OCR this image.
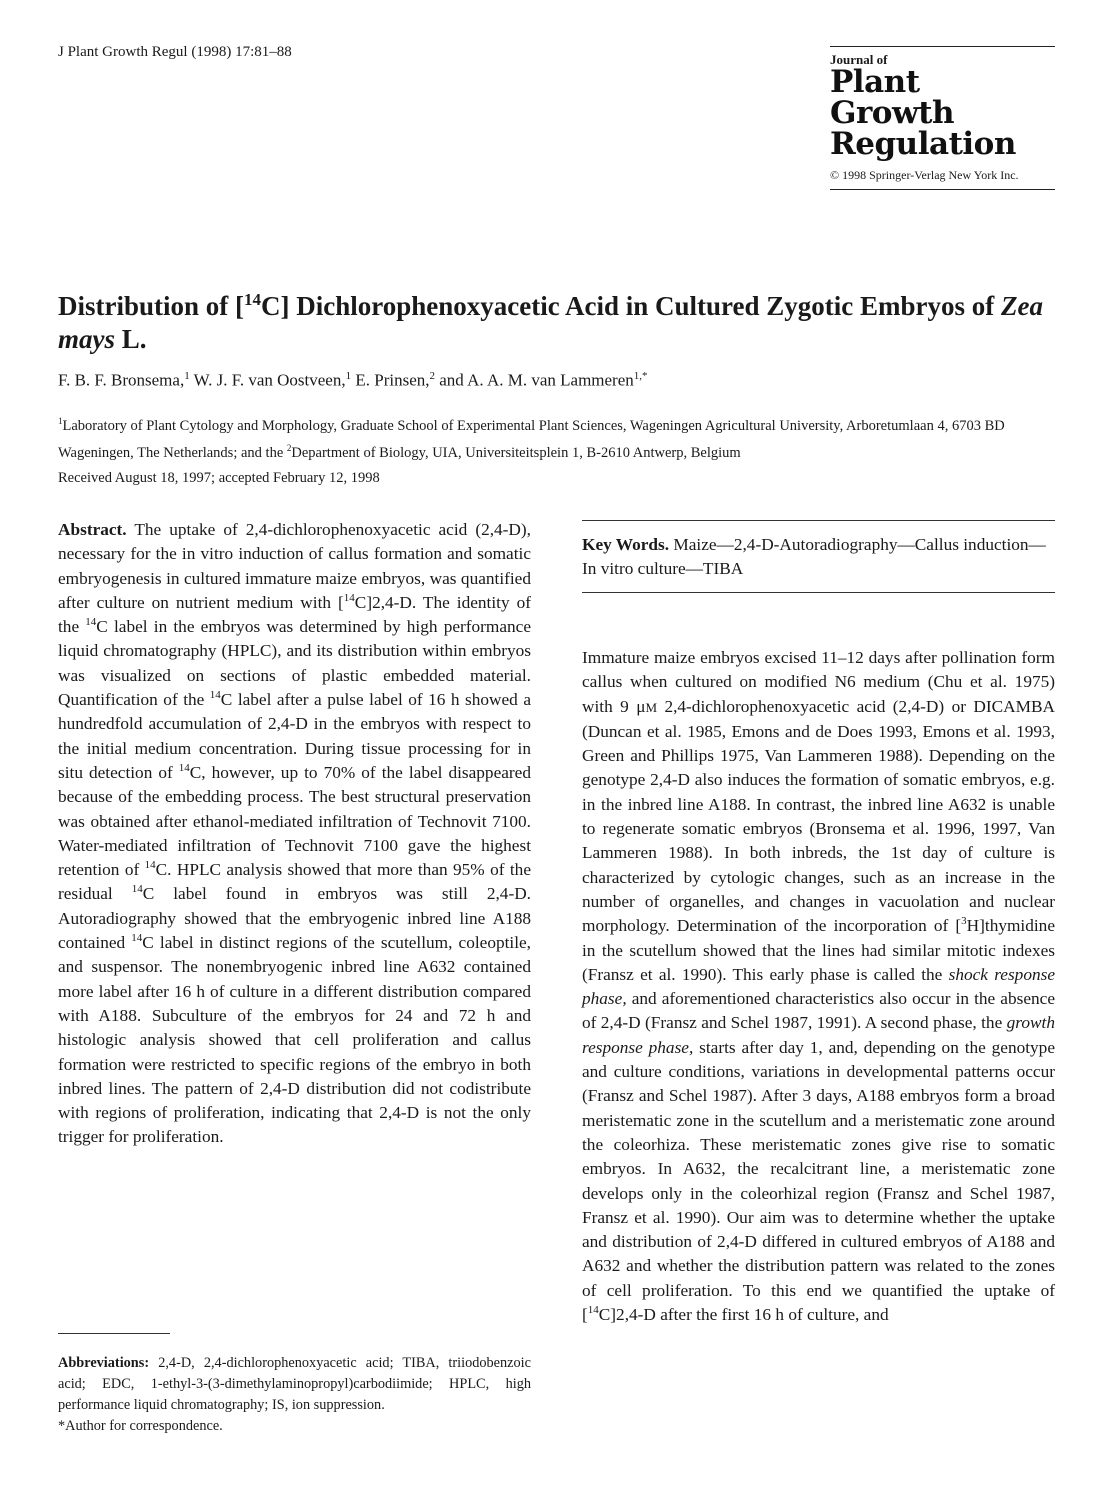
J Plant Growth Regul (1998) 17:81–88	Journal of
Plant
Growth
Regulation
© 1998 Springer-Verlag New York Inc.
Distribution of [$^{14}$C] Dichlorophenoxyacetic Acid in Cultured Zygotic Embryos of Zea mays L.
F. B. F. Bronsema,$^1$ W. J. F. van Oostveen,$^1$ E. Prinsen,$^2$ and A. A. M. van Lammeren$^{1,*}$
$^1$Laboratory of Plant Cytology and Morphology, Graduate School of Experimental Plant Sciences, Wageningen Agricultural University, Arboretumlaan 4, 6703 BD Wageningen, The Netherlands; and the $^2$Department of Biology, UIA, Universiteitsplein 1, B-2610 Antwerp, Belgium
Received August 18, 1997; accepted February 12, 1998
Abstract. The uptake of 2,4-dichlorophenoxyacetic acid (2,4-D), necessary for the in vitro induction of callus formation and somatic embryogenesis in cultured immature maize embryos, was quantified after culture on nutrient medium with [$^{14}$C]2,4-D. The identity of the $^{14}$C label in the embryos was determined by high performance liquid chromatography (HPLC), and its distribution within embryos was visualized on sections of plastic embedded material. Quantification of the $^{14}$C label after a pulse label of 16 h showed a hundredfold accumulation of 2,4-D in the embryos with respect to the initial medium concentration. During tissue processing for in situ detection of $^{14}$C, however, up to 70% of the label disappeared because of the embedding process. The best structural preservation was obtained after ethanol-mediated infiltration of Technovit 7100. Water-mediated infiltration of Technovit 7100 gave the highest retention of $^{14}$C. HPLC analysis showed that more than 95% of the residual $^{14}$C label found in embryos was still 2,4-D. Autoradiography showed that the embryogenic inbred line A188 contained $^{14}$C label in distinct regions of the scutellum, coleoptile, and suspensor. The nonembryogenic inbred line A632 contained more label after 16 h of culture in a different distribution compared with A188. Subculture of the embryos for 24 and 72 h and histologic analysis showed that cell proliferation and callus formation were restricted to specific regions of the embryo in both inbred lines. The pattern of 2,4-D distribution did not codistribute with regions of proliferation, indicating that 2,4-D is not the only trigger for proliferation.
Key Words. Maize—2,4-D-Autoradiography—Callus induction—In vitro culture—TIBA
Immature maize embryos excised 11–12 days after pollination form callus when cultured on modified N6 medium (Chu et al. 1975) with 9 μM 2,4-dichlorophenoxyacetic acid (2,4-D) or DICAMBA (Duncan et al. 1985, Emons and de Does 1993, Emons et al. 1993, Green and Phillips 1975, Van Lammeren 1988). Depending on the genotype 2,4-D also induces the formation of somatic embryos, e.g. in the inbred line A188. In contrast, the inbred line A632 is unable to regenerate somatic embryos (Bronsema et al. 1996, 1997, Van Lammeren 1988). In both inbreds, the 1st day of culture is characterized by cytologic changes, such as an increase in the number of organelles, and changes in vacuolation and nuclear morphology. Determination of the incorporation of [$^3$H]thymidine in the scutellum showed that the lines had similar mitotic indexes (Fransz et al. 1990). This early phase is called the shock response phase, and aforementioned characteristics also occur in the absence of 2,4-D (Fransz and Schel 1987, 1991). A second phase, the growth response phase, starts after day 1, and, depending on the genotype and culture conditions, variations in developmental patterns occur (Fransz and Schel 1987). After 3 days, A188 embryos form a broad meristematic zone in the scutellum and a meristematic zone around the coleorhiza. These meristematic zones give rise to somatic embryos. In A632, the recalcitrant line, a meristematic zone develops only in the coleorhizal region (Fransz and Schel 1987, Fransz et al. 1990). Our aim was to determine whether the uptake and distribution of 2,4-D differed in cultured embryos of A188 and A632 and whether the distribution pattern was related to the zones of cell proliferation. To this end we quantified the uptake of [$^{14}$C]2,4-D after the first 16 h of culture, and
Abbreviations: 2,4-D, 2,4-dichlorophenoxyacetic acid; TIBA, triiodobenzoic acid; EDC, 1-ethyl-3-(3-dimethylaminopropyl)carbodiimide; HPLC, high performance liquid chromatography; IS, ion suppression.
*Author for correspondence.
